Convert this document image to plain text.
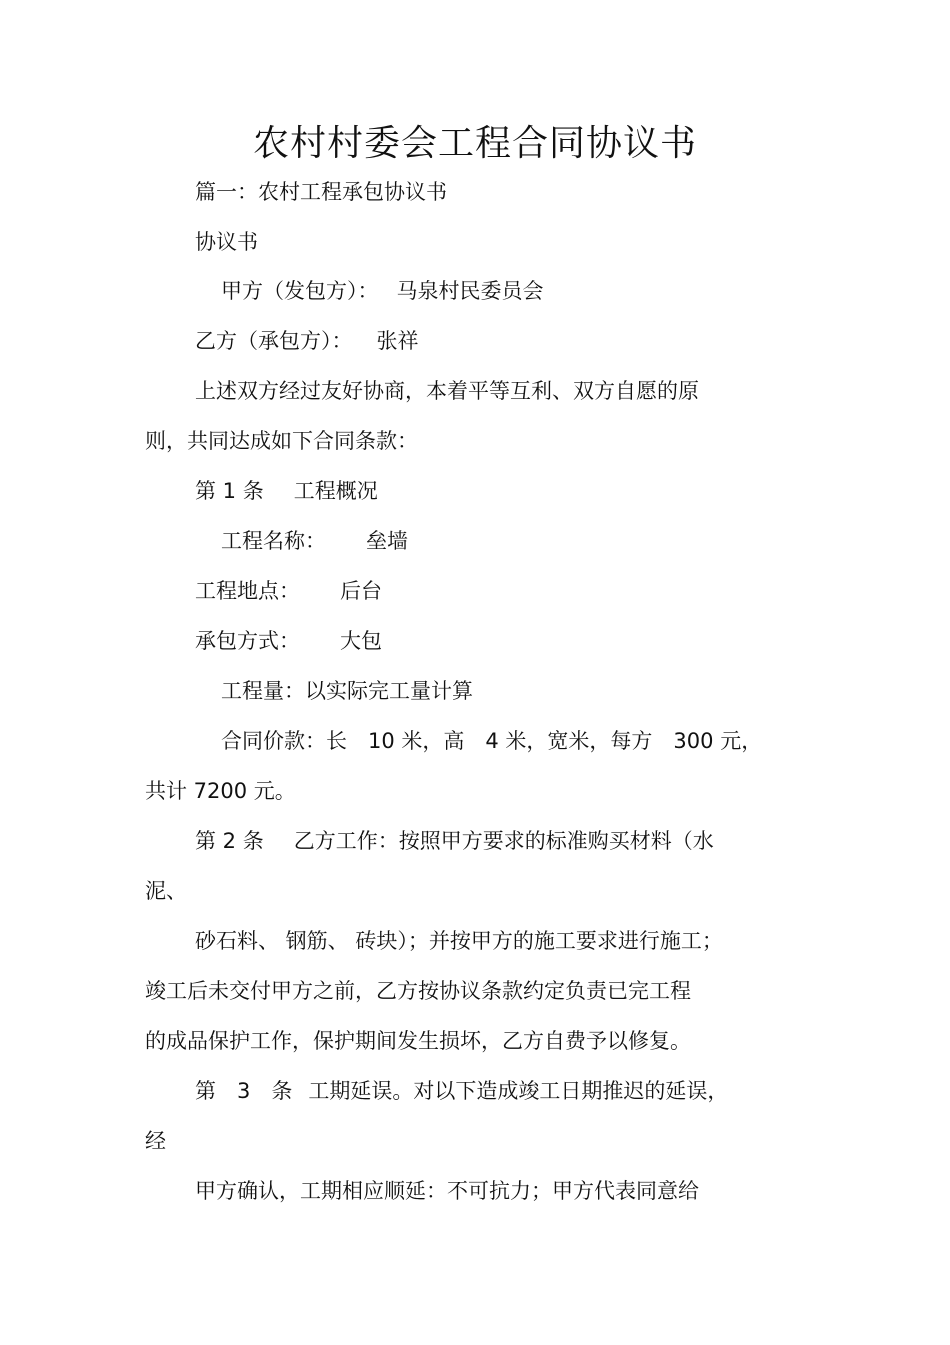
农村村委会工程合同协议书

篇一：农村工程承包协议书

协议书

甲方（发包方）： 马泉村民委员会

乙方（承包方）： 张祥

上述双方经过友好协商，本着平等互利、双方自愿的原

则，共同达成如下合同条款：

第 1 条 工程概况

工程名称： 垒墙

工程地点： 后台

承包方式： 大包

工程量：以实际完工量计算

合同价款：长　10 米，高　4 米，宽米，每方　300 元，

共计 7200 元。

第 2 条 乙方工作：按照甲方要求的标准购买材料（水

泥、

砂石料、 钢筋、 砖块）；并按甲方的施工要求进行施工；

竣工后未交付甲方之前，乙方按协议条款约定负责已完工程

的成品保护工作，保护期间发生损坏，乙方自费予以修复。

第　3　条 工期延误。对以下造成竣工日期推迟的延误，

经

甲方确认，工期相应顺延：不可抗力；甲方代表同意给
